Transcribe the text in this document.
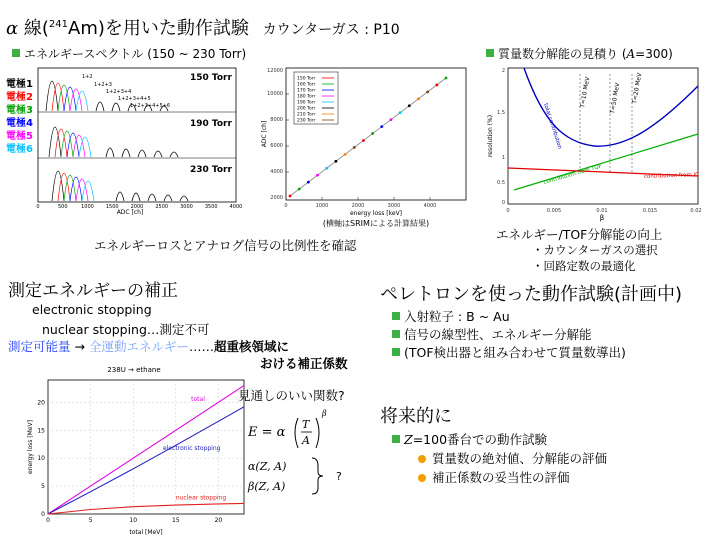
α 線($^{241}$Am)を用いた動作試験 カウンターガス : P10
エネルギースペクトル (150 ~ 230 Torr)
電極1
電極2
電極3
電極4
電極5
電極6
150 Torr
190 Torr
230 Torr
1+2
1+2+3
1+2+3+4
1+2+3+4+5
1+2+3+4+5+6
0	500	1000 1500 2000 2500 3000 3500 4000
ADC [ch]
12000
10000
8000
6000
4000
2000
0	1000	2000	3000	4000
150 Torr
160 Torr
170 Torr
180 Torr
190 Torr
200 Torr
210 Torr
230 Torr
ADC [ch]
energy loss [keV]
(横軸はSRIMによる計算結果)
エネルギーロスとアナログ信号の比例性を確認
質量数分解能の見積り (A=300)
2
1.5
1
0.5
0
0	0.005	0.01	0.015	0.02
T=10 MeV	T=50 MeV T=20 MeV
total contribution
contribution from TOF	contribution from IC
resolution (%)
β
エネルギー/TOF分解能の向上
・カウンターガスの選択
・回路定数の最適化
測定エネルギーの補正
electronic stopping
nuclear stopping…測定不可
測定可能量 → 全運動エネルギー……超重核領域に
おける補正係数
238U → ethane
0	5	10	15	20
0
5
10
15
20	total
electronic stopping
nuclear stopping
energy loss [MeV]
total [MeV]
見通しのいい関数?
E = α
T
A
β
α(Z, A)
β(Z, A)
?
ペレトロンを使った動作試験(計画中)
入射粒子 : B ~ Au
信号の線型性、エネルギー分解能
(TOF検出器と組み合わせて質量数導出)
将来的に
Z=100番台での動作試験
質量数の絶対値、分解能の評価
補正係数の妥当性の評価
